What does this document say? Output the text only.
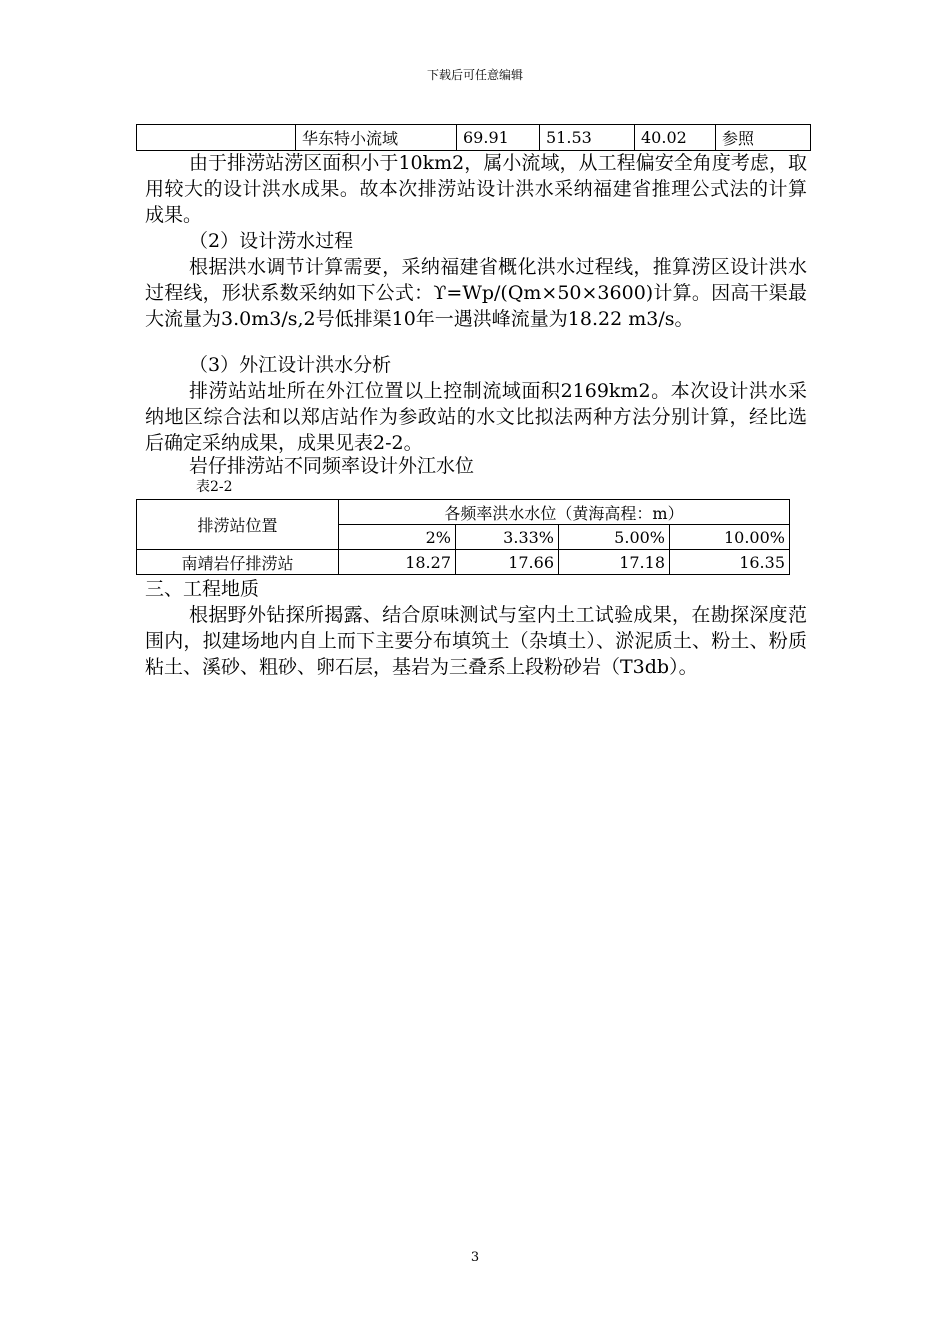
下载后可任意编辑
	华东特小流域	69.91	51.53	40.02	参照

由于排涝站涝区面积小于10km2，属小流域，从工程偏安全角度考虑，取用较大的设计洪水成果。故本次排涝站设计洪水采纳福建省推理公式法的计算成果。

（2）设计涝水过程

根据洪水调节计算需要，采纳福建省概化洪水过程线，推算涝区设计洪水过程线，形状系数采纳如下公式：ϒ=Wp/(Qm×50×3600)计算。因高干渠最大流量为3.0m3/s,2号低排渠10年一遇洪峰流量为18.22 m3/s。

（3）外江设计洪水分析

排涝站站址所在外江位置以上控制流域面积2169km2。本次设计洪水采纳地区综合法和以郑店站作为参政站的水文比拟法两种方法分别计算，经比选后确定采纳成果，成果见表2-2。

岩仔排涝站不同频率设计外江水位

表2-2

排涝站位置	各频率洪水水位（黄海高程：m）			
	2%	3.33%	5.00%	10.00%
南靖岩仔排涝站	18.27	17.66	17.18	16.35

三、工程地质

根据野外钻探所揭露、结合原味测试与室内土工试验成果，在勘探深度范围内，拟建场地内自上而下主要分布填筑土（杂填土）、淤泥质土、粉土、粉质粘土、溪砂、粗砂、卵石层，基岩为三叠系上段粉砂岩（T3db）。

3
